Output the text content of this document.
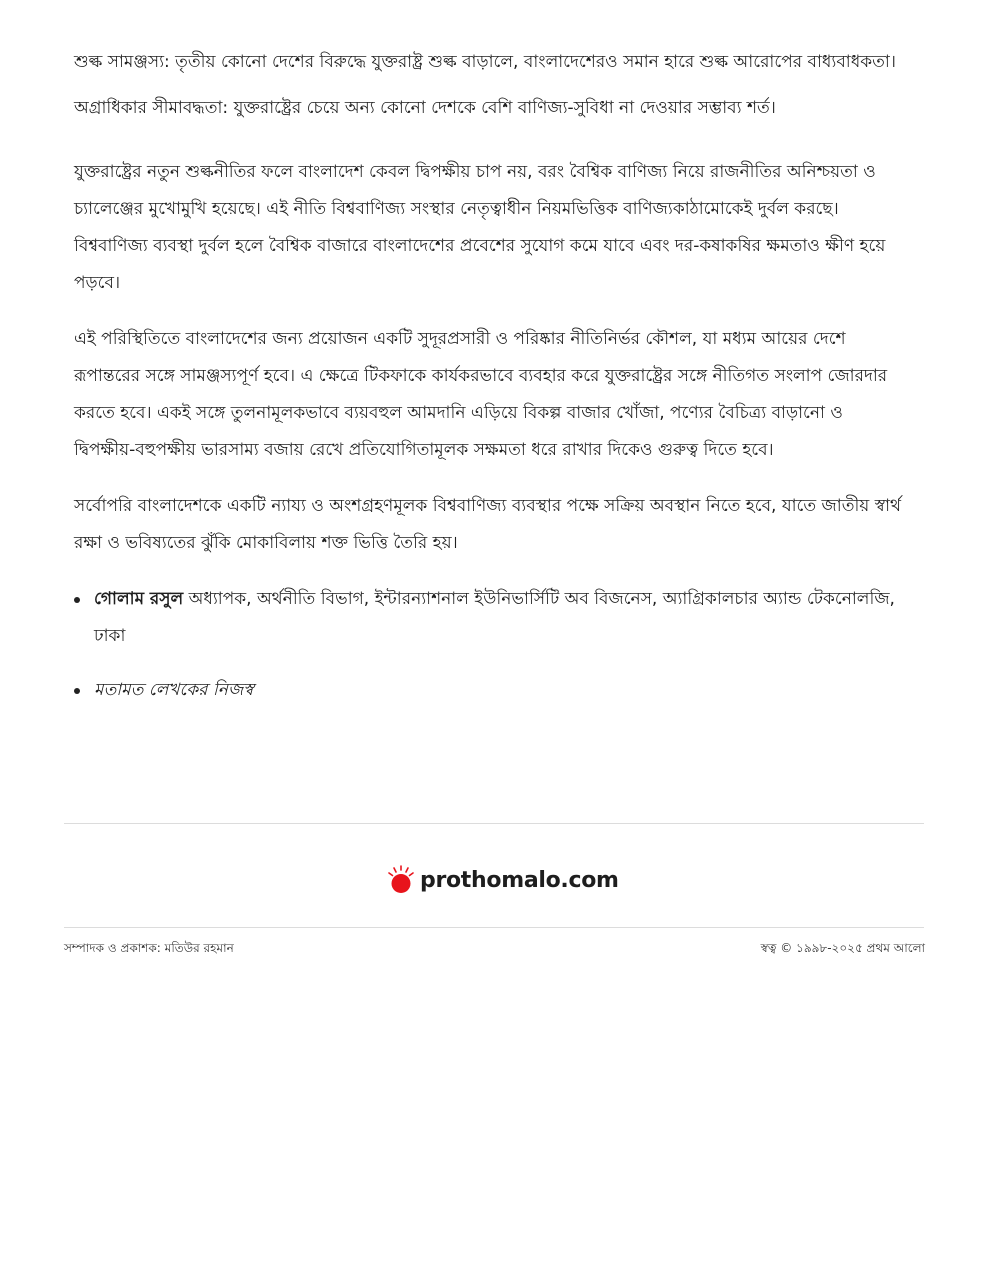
শুল্ক সামঞ্জস্য: তৃতীয় কোনো দেশের বিরুদ্ধে যুক্তরাষ্ট্র শুল্ক বাড়ালে, বাংলাদেশেরও সমান হারে শুল্ক আরোপের বাধ্যবাধকতা।

অগ্রাধিকার সীমাবদ্ধতা: যুক্তরাষ্ট্রের চেয়ে অন্য কোনো দেশকে বেশি বাণিজ্য-সুবিধা না দেওয়ার সম্ভাব্য শর্ত।

যুক্তরাষ্ট্রের নতুন শুল্কনীতির ফলে বাংলাদেশ কেবল দ্বিপক্ষীয় চাপ নয়, বরং বৈশ্বিক বাণিজ্য নিয়ে রাজনীতির অনিশ্চয়তা ও চ্যালেঞ্জের মুখোমুখি হয়েছে। এই নীতি বিশ্ববাণিজ্য সংস্থার নেতৃত্বাধীন নিয়মভিত্তিক বাণিজ্যকাঠামোকেই দুর্বল করছে। বিশ্ববাণিজ্য ব্যবস্থা দুর্বল হলে বৈশ্বিক বাজারে বাংলাদেশের প্রবেশের সুযোগ কমে যাবে এবং দর-কষাকষির ক্ষমতাও ক্ষীণ হয়ে পড়বে।

এই পরিস্থিতিতে বাংলাদেশের জন্য প্রয়োজন একটি সুদূরপ্রসারী ও পরিষ্কার নীতিনির্ভর কৌশল, যা মধ্যম আয়ের দেশে রূপান্তরের সঙ্গে সামঞ্জস্যপূর্ণ হবে। এ ক্ষেত্রে টিকফাকে কার্যকরভাবে ব্যবহার করে যুক্তরাষ্ট্রের সঙ্গে নীতিগত সংলাপ জোরদার করতে হবে। একই সঙ্গে তুলনামূলকভাবে ব্যয়বহুল আমদানি এড়িয়ে বিকল্প বাজার খোঁজা, পণ্যের বৈচিত্র্য বাড়ানো ও দ্বিপক্ষীয়-বহুপক্ষীয় ভারসাম্য বজায় রেখে প্রতিযোগিতামূলক সক্ষমতা ধরে রাখার দিকেও গুরুত্ব দিতে হবে।

সর্বোপরি বাংলাদেশকে একটি ন্যায্য ও অংশগ্রহণমূলক বিশ্ববাণিজ্য ব্যবস্থার পক্ষে সক্রিয় অবস্থান নিতে হবে, যাতে জাতীয় স্বার্থ রক্ষা ও ভবিষ্যতের ঝুঁকি মোকাবিলায় শক্ত ভিত্তি তৈরি হয়।

গোলাম রসুল অধ্যাপক, অর্থনীতি বিভাগ, ইন্টারন্যাশনাল ইউনিভার্সিটি অব বিজনেস, অ্যাগ্রিকালচার অ্যান্ড টেকনোলজি, ঢাকা
মতামত লেখকের নিজস্ব
prothomalo.com
সম্পাদক ও প্রকাশক: মতিউর রহমান	স্বত্ব © ১৯৯৮-২০২৫ প্রথম আলো
